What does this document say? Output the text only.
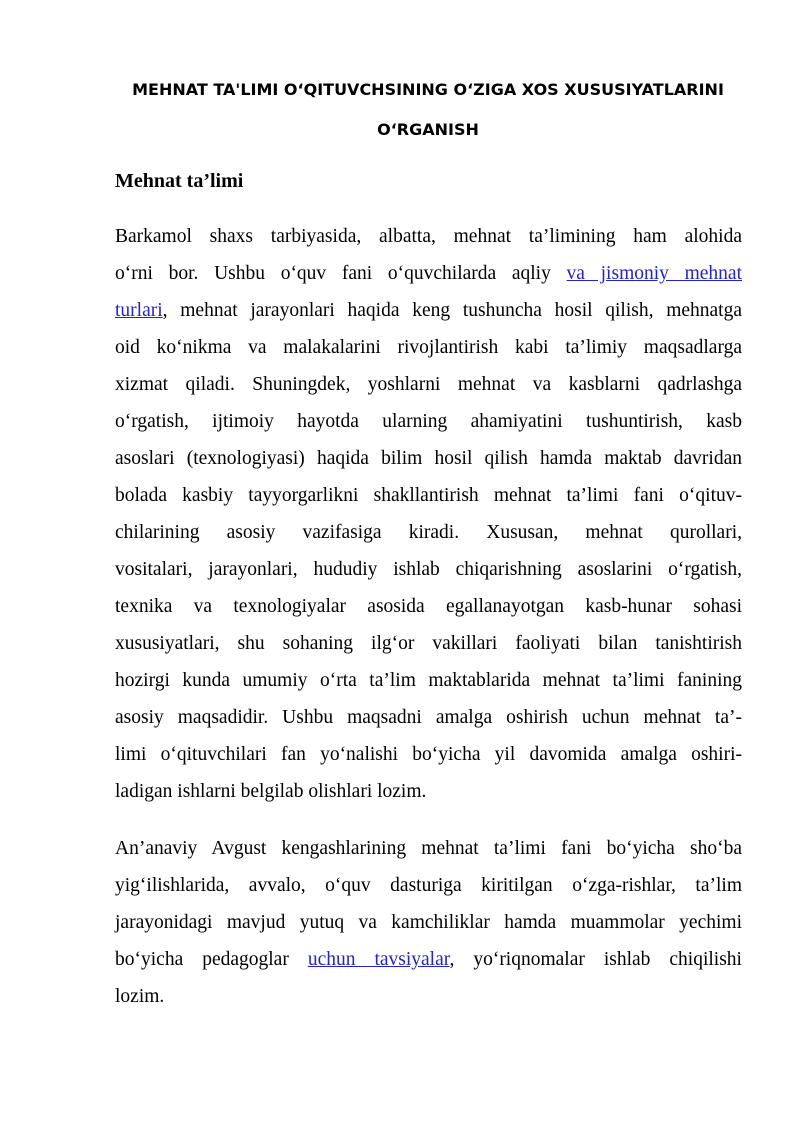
MEHNAT TA'LIMI O‘QITUVCHSINING O‘ZIGA XOS XUSUSIYATLARINI
O‘RGANISH
Mehnat ta’limi
Barkamol shaxs tarbiyasida, albatta, mehnat ta’limining ham alohida
o‘rni bor. Ushbu o‘quv fani o‘quvchilarda aqliy va jismoniy mehnat
turlari, mehnat jarayonlari haqida keng tushuncha hosil qilish, mehnatga
oid ko‘nikma va malakalarini rivojlantirish kabi ta’limiy maqsadlarga
xizmat qiladi. Shuningdek, yoshlarni mehnat va kasblarni qadrlashga
o‘rgatish, ijtimoiy hayotda ularning ahamiyatini tushuntirish, kasb
asoslari (texnologiyasi) haqida bilim hosil qilish hamda maktab davridan
bolada kasbiy tayyorgarlikni shakllantirish mehnat ta’limi fani o‘qituv-
chilarining asosiy vazifasiga kiradi. Xususan, mehnat qurollari,
vositalari, jarayonlari, hududiy ishlab chiqarishning asoslarini o‘rgatish,
texnika va texnologiyalar asosida egallanayotgan kasb-hunar sohasi
xususiyatlari, shu sohaning ilg‘or vakillari faoliyati bilan tanishtirish
hozirgi kunda umumiy o‘rta ta’lim maktablarida mehnat ta’limi fanining
asosiy maqsadidir. Ushbu maqsadni amalga oshirish uchun mehnat ta’-
limi o‘qituvchilari fan yo‘nalishi bo‘yicha yil davomida amalga oshiri-
ladigan ishlarni belgilab olishlari lozim.
An’anaviy Avgust kengashlarining mehnat ta’limi fani bo‘yicha sho‘ba
yig‘ilishlarida, avvalo, o‘quv dasturiga kiritilgan o‘zga-rishlar, ta’lim
jarayonidagi mavjud yutuq va kamchiliklar hamda muammolar yechimi
bo‘yicha pedagoglar uchun tavsiyalar, yo‘riqnomalar ishlab chiqilishi
lozim.
